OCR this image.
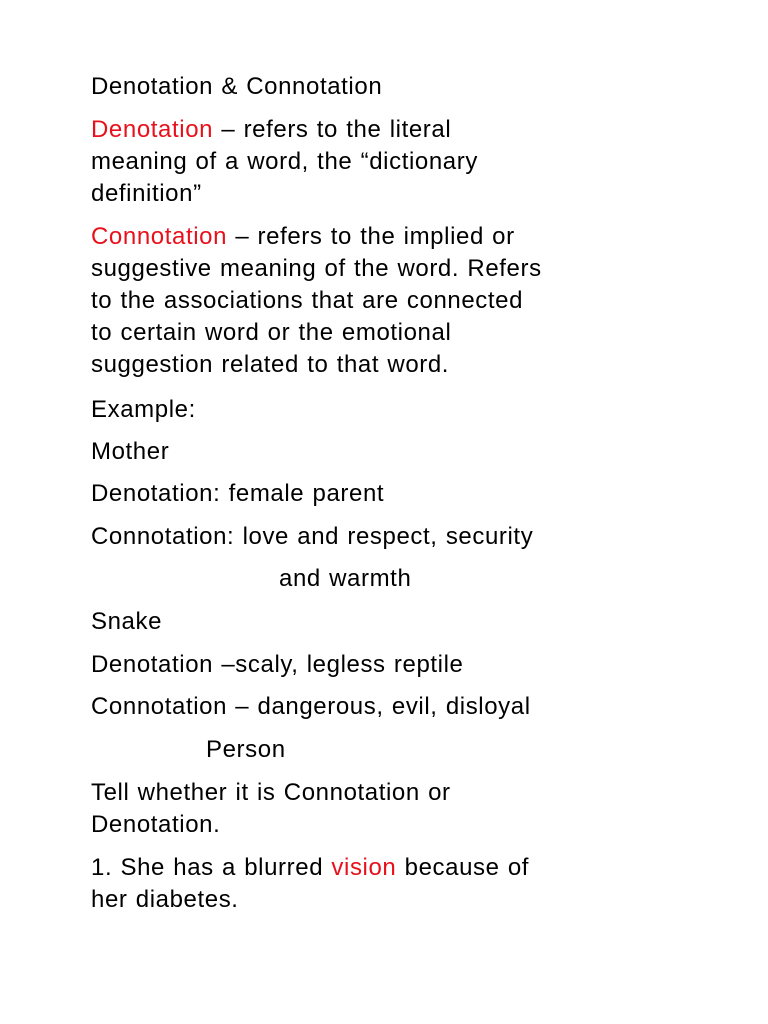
Denotation & Connotation
Denotation – refers to the literal
meaning of a word, the “dictionary
definition”
Connotation – refers to the implied or
suggestive meaning of the word. Refers
to the associations that are connected
to certain word or the emotional
suggestion related to that word.
Example:
Mother
Denotation: female parent
Connotation: love and respect, security
and warmth
Snake
Denotation –scaly, legless reptile
Connotation – dangerous, evil, disloyal
Person
Tell whether it is Connotation or
Denotation.
1. She has a blurred vision because of
her diabetes.
